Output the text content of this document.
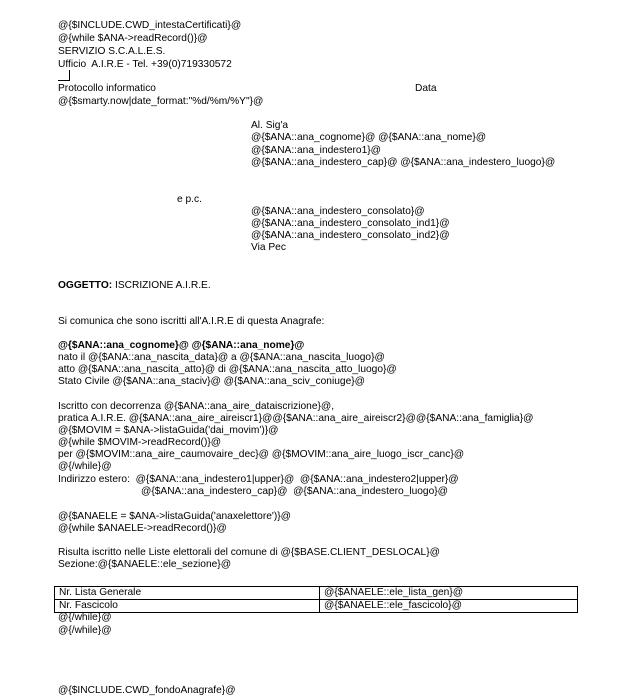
@{$INCLUDE.CWD_intestaCertificati}@
@{while $ANA->readRecord()}@
SERVIZIO S.C.A.L.E.S.
Ufficio  A.I.R.E - Tel. +39(0)719330572
Protocollo informatico	Data
@{$smarty.now|date_format:"%d/%m/%Y"}@
Al. Sig'a
@{$ANA::ana_cognome}@ @{$ANA::ana_nome}@
@{$ANA::ana_indestero1}@
@{$ANA::ana_indestero_cap}@ @{$ANA::ana_indestero_luogo}@
e p.c.
@{$ANA::ana_indestero_consolato}@
@{$ANA::ana_indestero_consolato_ind1}@
@{$ANA::ana_indestero_consolato_ind2}@
Via Pec
OGGETTO: ISCRIZIONE A.I.R.E.
Si comunica che sono iscritti all'A.I.R.E di questa Anagrafe:
@{$ANA::ana_cognome}@ @{$ANA::ana_nome}@
nato il @{$ANA::ana_nascita_data}@ a @{$ANA::ana_nascita_luogo}@
atto @{$ANA::ana_nascita_atto}@ di @{$ANA::ana_nascita_atto_luogo}@
Stato Civile @{$ANA::ana_staciv}@ @{$ANA::ana_sciv_coniuge}@
Iscritto con decorrenza @{$ANA::ana_aire_dataiscrizione}@,
pratica A.I.R.E. @{$ANA::ana_aire_aireiscr1}@@{$ANA::ana_aire_aireiscr2}@@{$ANA::ana_famiglia}@
@{$MOVIM = $ANA->listaGuida('dai_movim')}@
@{while $MOVIM->readRecord()}@
per @{$MOVIM::ana_aire_caumovaire_dec}@ @{$MOVIM::ana_aire_luogo_iscr_canc}@
@{/while}@
Indirizzo estero:  @{$ANA::ana_indestero1|upper}@  @{$ANA::ana_indestero2|upper}@
@{$ANA::ana_indestero_cap}@  @{$ANA::ana_indestero_luogo}@
@{$ANAELE = $ANA->listaGuida('anaxelettore')}@
@{while $ANAELE->readRecord()}@
Risulta iscritto nelle Liste elettorali del comune di @{$BASE.CLIENT_DESLOCAL}@
Sezione:@{$ANAELE::ele_sezione}@
@{/while}@
@{/while}@
@{$INCLUDE.CWD_fondoAnagrafe}@
Nr. Lista Generale	@{$ANAELE::ele_lista_gen}@
Nr. Fascicolo	@{$ANAELE::ele_fascicolo}@
